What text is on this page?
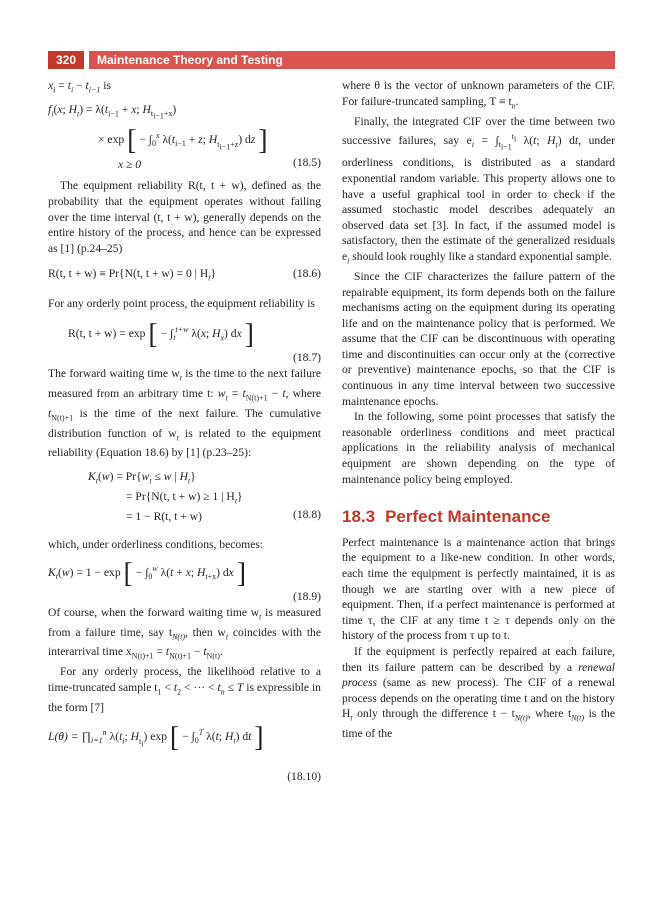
320	Maintenance Theory and Testing

$x_i = t_i - t_{i-1}$ is

$f_i(x$; $H_t) = \lambda(t_{i-1} + x$; $H_{t_{i-1}+x}$)
× exp [ − $\int_0^x$ $\lambda(t_{i-1} + z$; $H_{t_{i-1}+z}$) dz ]
x ≥ 0	(18.5)

The equipment reliability R(t, t + w), defined as the probability that the equipment operates without failing over the time interval (t, t + w), generally depends on the entire history of the process, and hence can be expressed as [1] (p.24–25)

R(t, t + w) ≡ Pr{N(t, t + w) = 0 | $H_t$}	(18.6)

For any orderly point process, the equipment reliability is

R(t, t + w) = exp [ − $\int_t^{t+w}$ λ(x; $H_x$) dx ]
(18.7)

The forward waiting time $w_t$ is the time to the next failure measured from an arbitrary time t: $w_t = t_{N(t)+1} - t$, where $t_{N(t)+1}$ is the time of the next failure. The cumulative distribution function of $w_t$ is related to the equipment reliability (Equation 18.6) by [1] (p.23–25):

$K_t(w) = Pr\{w_t \le w$ | $H_t$}
= Pr{N(t, t + w) ≥ 1 | $H_t$}
= 1 − R(t, t + w)	(18.8)

which, under orderliness conditions, becomes:

$K_t(w) = 1 - \exp$ [ − $\int_0^w$ λ(t + x; $H_{t+x}$) dx ]
(18.9)

Of course, when the forward waiting time $w_t$ is measured from a failure time, say $t_{N(t)}$, then $w_t$ coincides with the interarrival time $x_{N(t)+1} = t_{N(t)+1} - t_{N(t)}$.

For any orderly process, the likelihood relative to a time-truncated sample $t_1 < t_2$ < ··· < $t_n \le T$ is expressible in the form [7]

$L(\theta) = \prod_{i=1}^n$ $\lambda(t_i$; $H_{t_i}$) exp [ − $\int_0^T$ λ(t; $H_t$) dt ]
(18.10)

where θ is the vector of unknown parameters of the CIF. For failure-truncated sampling, $T \equiv t_n$.

Finally, the integrated CIF over the time between two successive failures, say $e_i = \int_{t_{i-1}}^{t_i}$ λ(t; $H_t$) dt, under orderliness conditions, is distributed as a standard exponential random variable. This property allows one to have a useful graphical tool in order to check if the assumed stochastic model describes adequately an observed data set [3]. In fact, if the assumed model is satisfactory, then the estimate of the generalized residuals $e_i$ should look roughly like a standard exponential sample.

Since the CIF characterizes the failure pattern of the repairable equipment, its form depends both on the failure mechanisms acting on the equipment during its operating life and on the maintenance policy that is performed. We assume that the CIF can be discontinuous with operating time and discontinuities can occur only at the (corrective or preventive) maintenance epochs, so that the CIF is continuous in any time interval between two successive maintenance epochs.

In the following, some point processes that satisfy the reasonable orderliness conditions and meet practical applications in the reliability analysis of mechanical equipment are shown depending on the type of maintenance policy being employed.

18.3 Perfect Maintenance

Perfect maintenance is a maintenance action that brings the equipment to a like-new condition. In other words, each time the equipment is perfectly maintained, it is as though we are starting over with a new piece of equipment. Then, if a perfect maintenance is performed at time τ, the CIF at any time t ≥ τ depends only on the history of the process from τ up to t.

If the equipment is perfectly repaired at each failure, then its failure pattern can be described by a renewal process (same as new process). The CIF of a renewal process depends on the operating time t and on the history $H_t$ only through the difference $t - t_{N(t)}$, where $t_{N(t)}$ is the time of the
